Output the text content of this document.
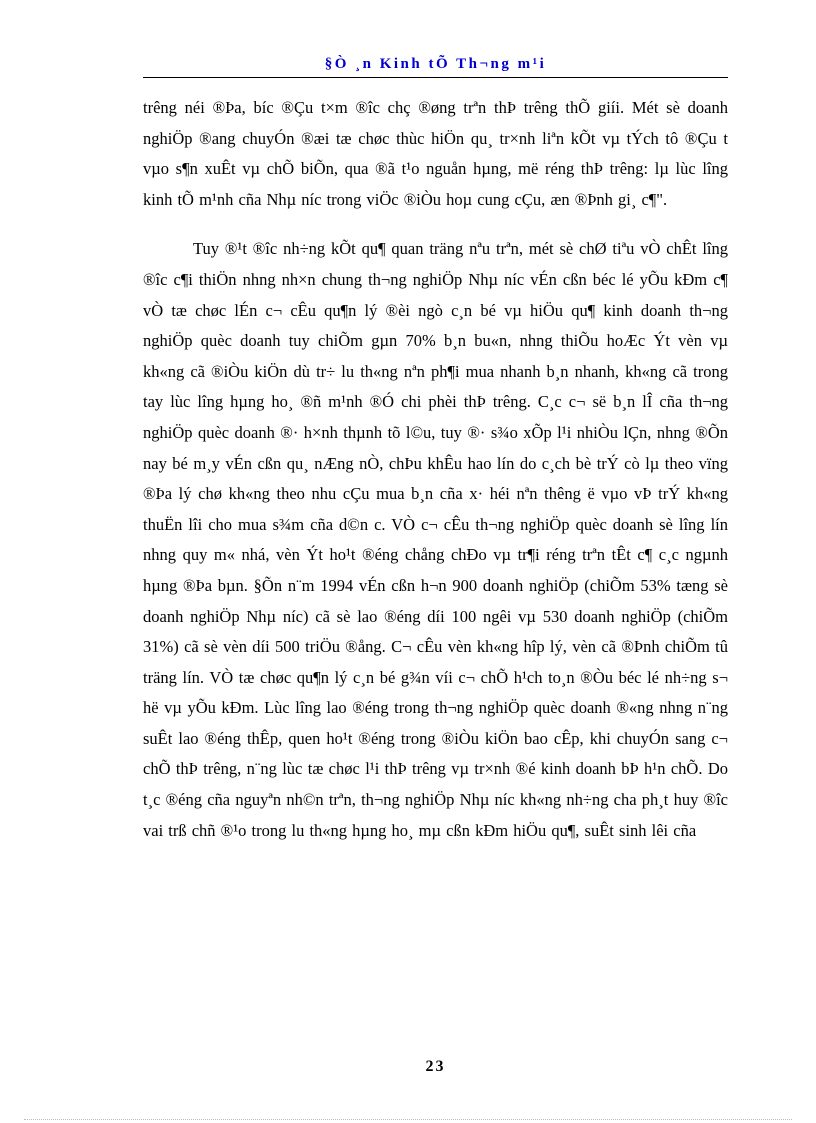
§Ò ¸n Kinh tÕ Th¬ng m¹i

trêng néi ®Þa, bíc ®Çu t×m ®îc chç ®øng trªn thÞ trêng thÕ giíi. Mét sè doanh nghiÖp ®ang chuyÓn ®æi tæ chøc thùc hiÖn qu¸ tr×nh liªn kÕt vµ tÝch tô ®Çu t vµo s¶n xuÊt vµ chÕ biÕn, qua ®ã t¹o nguån hµng, më réng thÞ trêng: lµ lùc lîng kinh tÕ m¹nh cña Nhµ níc trong viÖc ®iÒu hoµ cung cÇu, æn ®Þnh gi¸ c¶".

Tuy ®¹t ®îc nh÷ng kÕt qu¶ quan träng nªu trªn, mét sè chØ tiªu vÒ chÊt lîng ®îc c¶i thiÖn nhng nh×n chung th¬ng nghiÖp Nhµ níc vÉn cßn béc lé yÕu kÐm c¶ vÒ tæ chøc lÉn c¬ cÊu qu¶n lý ®èi ngò c¸n bé vµ hiÖu qu¶ kinh doanh th¬ng nghiÖp quèc doanh tuy chiÕm gµn 70% b¸n bu«n, nhng thiÕu hoÆc Ýt vèn vµ kh«ng cã ®iÒu kiÖn dù tr÷ lu th«ng nªn ph¶i mua nhanh b¸n nhanh, kh«ng cã trong tay lùc lîng hµng ho¸ ®ñ m¹nh ®Ó chi phèi thÞ trêng. C¸c c¬ së b¸n lÎ cña th¬ng nghiÖp quèc doanh ®· h×nh thµnh tõ l©u, tuy ®· s¾o xÕp l¹i nhiÒu lÇn, nhng ®Õn nay bé m¸y vÉn cßn qu¸ nÆng nÒ, chÞu khÊu hao lín do c¸ch bè trÝ cò lµ theo vïng ®Þa lý chø kh«ng theo nhu cÇu mua b¸n cña x· héi nªn thêng ë vµo vÞ trÝ kh«ng thuËn lîi cho mua s¾m cña d©n c. VÒ c¬ cÊu th¬ng nghiÖp quèc doanh sè lîng lín nhng quy m« nhá, vèn Ýt ho¹t ®éng chång chÐo vµ tr¶i réng trªn tÊt c¶ c¸c ngµnh hµng ®Þa bµn. §Õn n¨m 1994 vÉn cßn h¬n 900 doanh nghiÖp (chiÕm 53% tæng sè doanh nghiÖp Nhµ níc) cã sè lao ®éng díi 100 ngêi vµ 530 doanh nghiÖp (chiÕm 31%) cã sè vèn díi 500 triÖu ®ång. C¬ cÊu vèn kh«ng hîp lý, vèn cã ®Þnh chiÕm tû träng lín. VÒ tæ chøc qu¶n lý c¸n bé g¾n víi c¬ chÕ h¹ch to¸n ®Òu béc lé nh÷ng s¬ hë vµ yÕu kÐm. Lùc lîng lao ®éng trong th¬ng nghiÖp quèc doanh ®«ng nhng n¨ng suÊt lao ®éng thÊp, quen ho¹t ®éng trong ®iÒu kiÖn bao cÊp, khi chuyÓn sang c¬ chÕ thÞ trêng, n¨ng lùc tæ chøc l¹i thÞ trêng vµ tr×nh ®é kinh doanh bÞ h¹n chÕ. Do t¸c ®éng cña nguyªn nh©n trªn, th¬ng nghiÖp Nhµ níc kh«ng nh÷ng cha ph¸t huy ®îc vai trß chñ ®¹o trong lu th«ng hµng ho¸ mµ cßn kÐm hiÖu qu¶, suÊt sinh lêi cña

23
